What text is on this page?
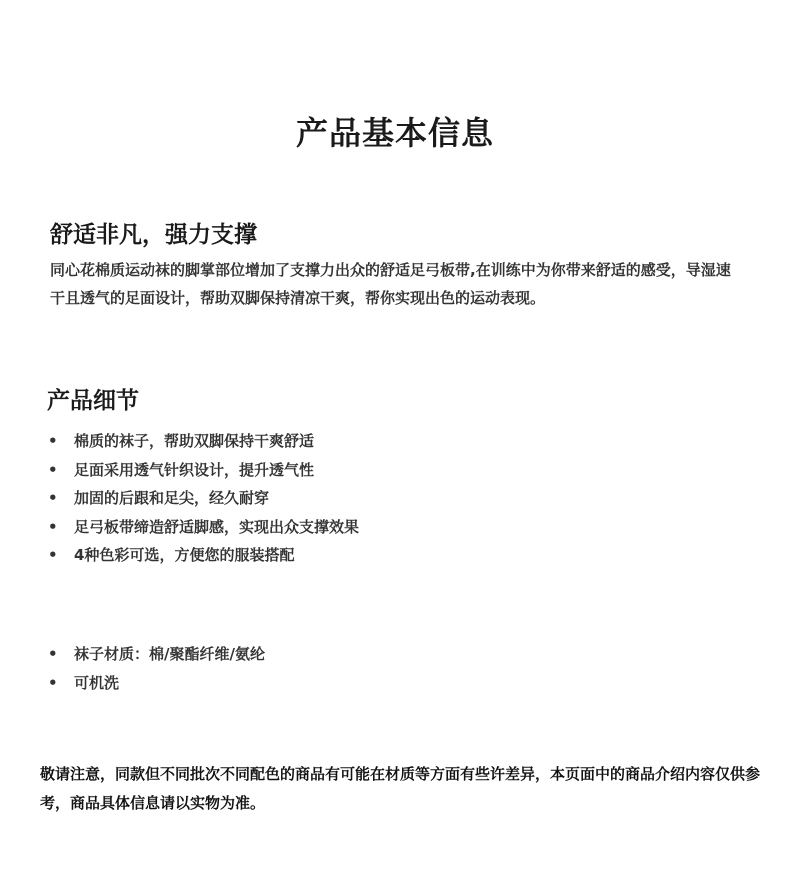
产品基本信息
舒适非凡，强力支撑

同心花棉质运动袜的脚掌部位增加了支撑力出众的舒适足弓板带,在训练中为你带来舒适的感受，导湿速干且透气的足面设计，帮助双脚保持清凉干爽，帮你实现出色的运动表现。

产品细节
•	棉质的袜子，帮助双脚保持干爽舒适
•	足面采用透气针织设计，提升透气性
•	加固的后跟和足尖，经久耐穿
•	足弓板带缔造舒适脚感，实现出众支撑效果
•	4种色彩可选，方便您的服装搭配
•	袜子材质：棉/聚酯纤维/氨纶
•	可机洗

敬请注意，同款但不同批次不同配色的商品有可能在材质等方面有些许差异，本页面中的商品介绍内容仅供参考，商品具体信息请以实物为准。
